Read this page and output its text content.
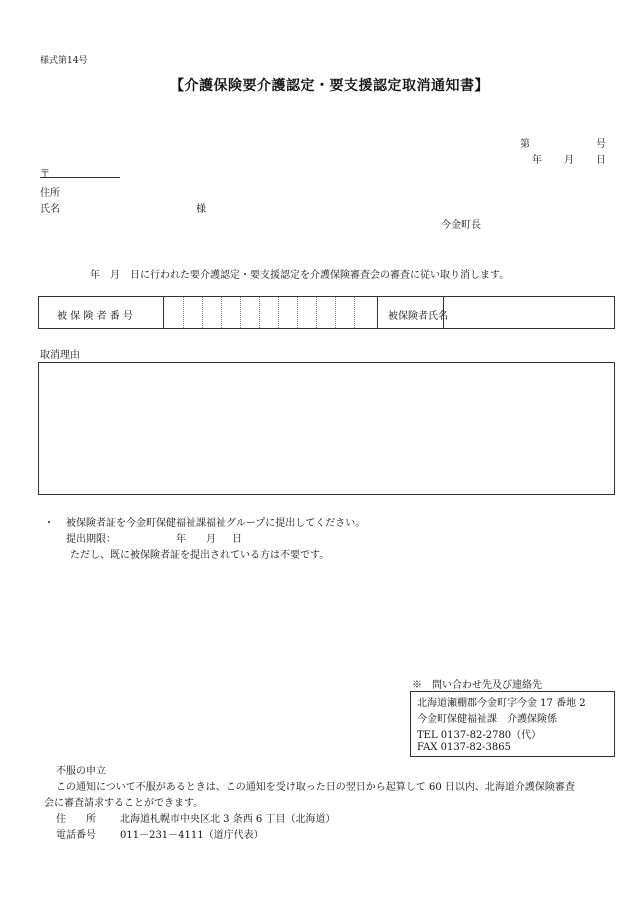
様式第14号
【介護保険要介護認定・要支援認定取消通知書】
第	号
年 月 日
〒
住所
氏名	様
今金町長
年　月　日に行われた要介護認定・要支援認定を介護保険審査会の審査に従い取り消します。
被 保 険 者 番 号	被保険者氏名
取消理由
・ 被保険者証を今金町保健福祉課福祉グループに提出してください。
提出期限：	年 月 日
ただし、既に被保険者証を提出されている方は不要です。
※　問い合わせ先及び連絡先
北海道瀬棚郡今金町字今金 17 番地 2
今金町保健福祉課　介護保険係
TEL 0137-82-2780（代）
FAX 0137-82-3865
不服の申立
この通知について不服があるときは、この通知を受け取った日の翌日から起算して 60 日以内、北海道介護保険審査
会に審査請求することができます。
住　　所 北海道札幌市中央区北 3 条西 6 丁目（北海道）
電話番号 011－231－4111（道庁代表）
